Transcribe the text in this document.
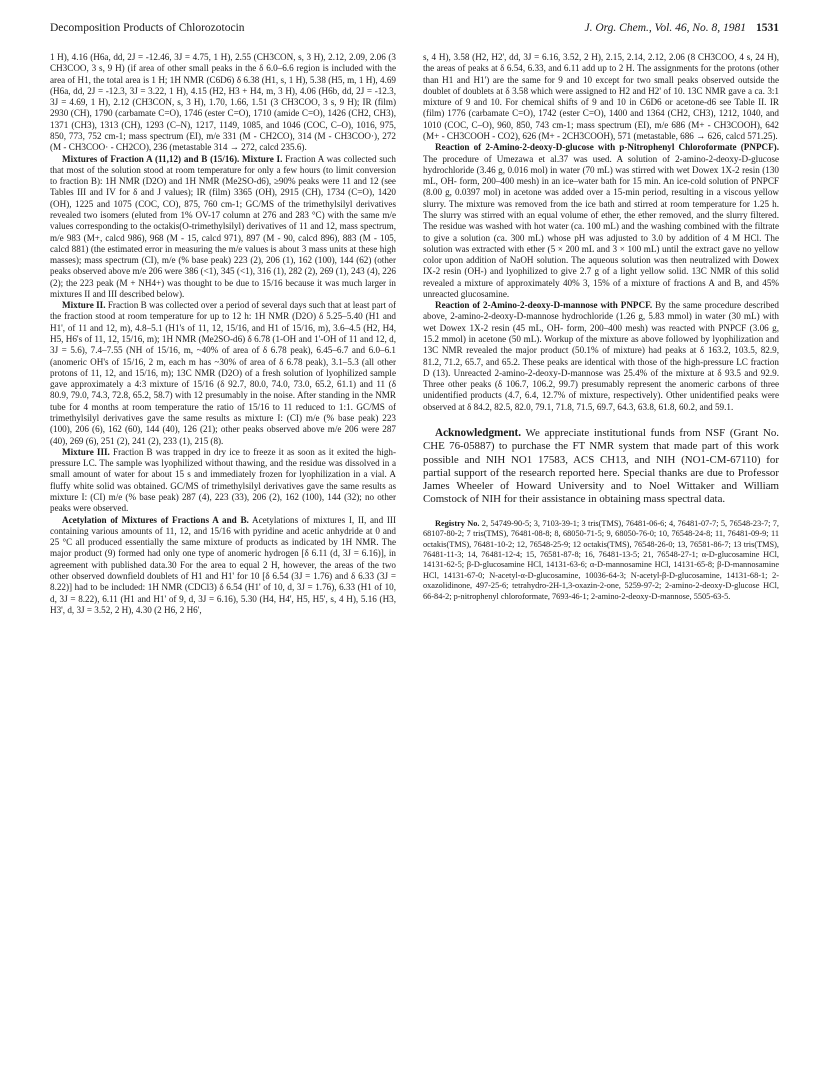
Decomposition Products of Chlorozotocin	J. Org. Chem., Vol. 46, No. 8, 1981 1531

1 H), 4.16 (H6a, dd, 2J = -12.46, 3J = 4.75, 1 H), 2.55 (CH3CON, s, 3 H), 2.12, 2.09, 2.06 (3 CH3COO, 3 s, 9 H) (if area of other small peaks in the δ 6.0–6.6 region is included with the area of H1, the total area is 1 H; 1H NMR (C6D6) δ 6.38 (H1, s, 1 H), 5.38 (H5, m, 1 H), 4.69 (H6a, dd, 2J = -12.3, 3J = 3.22, 1 H), 4.15 (H2, H3 + H4, m, 3 H), 4.06 (H6b, dd, 2J = -12.3, 3J = 4.69, 1 H), 2.12 (CH3CON, s, 3 H), 1.70, 1.66, 1.51 (3 CH3COO, 3 s, 9 H); IR (film) 2930 (CH), 1790 (carbamate C=O), 1746 (ester C=O), 1710 (amide C=O), 1426 (CH2, CH3), 1371 (CH3), 1313 (CH), 1293 (C–N), 1217, 1149, 1085, and 1046 (COC, C–O), 1016, 975, 850, 773, 752 cm-1; mass spectrum (EI), m/e 331 (M - CH2CO), 314 (M - CH3COO·), 272 (M - CH3COO· - CH2CO), 236 (metastable 314 → 272, calcd 235.6).

Mixtures of Fraction A (11,12) and B (15/16). Mixture I. Fraction A was collected such that most of the solution stood at room temperature for only a few hours (to limit conversion to fraction B): 1H NMR (D2O) and 1H NMR (Me2SO-d6), ≥90% peaks were 11 and 12 (see Tables III and IV for δ and J values); IR (film) 3365 (OH), 2915 (CH), 1734 (C=O), 1420 (OH), 1225 and 1075 (COC, CO), 875, 760 cm-1; GC/MS of the trimethylsilyl derivatives revealed two isomers (eluted from 1% OV-17 column at 276 and 283 °C) with the same m/e values corresponding to the octakis(O-trimethylsilyl) derivatives of 11 and 12, mass spectrum, m/e 983 (M+, calcd 986), 968 (M - 15, calcd 971), 897 (M - 90, calcd 896), 883 (M - 105, calcd 881) (the estimated error in measuring the m/e values is about 3 mass units at these high masses); mass spectrum (CI), m/e (% base peak) 223 (2), 206 (1), 162 (100), 144 (62) (other peaks observed above m/e 206 were 386 (<1), 345 (<1), 316 (1), 282 (2), 269 (1), 243 (4), 226 (2); the 223 peak (M + NH4+) was thought to be due to 15/16 because it was much larger in mixtures II and III described below).

Mixture II. Fraction B was collected over a period of several days such that at least part of the fraction stood at room temperature for up to 12 h: 1H NMR (D2O) δ 5.25–5.40 (H1 and H1', of 11 and 12, m), 4.8–5.1 (H1's of 11, 12, 15/16, and H1 of 15/16, m), 3.6–4.5 (H2, H4, H5, H6's of 11, 12, 15/16, m); 1H NMR (Me2SO-d6) δ 6.78 (1-OH and 1'-OH of 11 and 12, d, 3J = 5.6), 7.4–7.55 (NH of 15/16, m, ~40% of area of δ 6.78 peak), 6.45–6.7 and 6.0–6.1 (anomeric OH's of 15/16, 2 m, each m has ~30% of area of δ 6.78 peak), 3.1–5.3 (all other protons of 11, 12, and 15/16, m); 13C NMR (D2O) of a fresh solution of lyophilized sample gave approximately a 4:3 mixture of 15/16 (δ 92.7, 80.0, 74.0, 73.0, 65.2, 61.1) and 11 (δ 80.9, 79.0, 74.3, 72.8, 65.2, 58.7) with 12 presumably in the noise. After standing in the NMR tube for 4 months at room temperature the ratio of 15/16 to 11 reduced to 1:1. GC/MS of trimethylsilyl derivatives gave the same results as mixture I: (CI) m/e (% base peak) 223 (100), 206 (6), 162 (60), 144 (40), 126 (21); other peaks observed above m/e 206 were 287 (40), 269 (6), 251 (2), 241 (2), 233 (1), 215 (8).

Mixture III. Fraction B was trapped in dry ice to freeze it as soon as it exited the high-pressure LC. The sample was lyophilized without thawing, and the residue was dissolved in a small amount of water for about 15 s and immediately frozen for lyophilization in a vial. A fluffy white solid was obtained. GC/MS of trimethylsilyl derivatives gave the same results as mixture I: (CI) m/e (% base peak) 287 (4), 223 (33), 206 (2), 162 (100), 144 (32); no other peaks were observed.

Acetylation of Mixtures of Fractions A and B. Acetylations of mixtures I, II, and III containing various amounts of 11, 12, and 15/16 with pyridine and acetic anhydride at 0 and 25 °C all produced essentially the same mixture of products as indicated by 1H NMR. The major product (9) formed had only one type of anomeric hydrogen [δ 6.11 (d, 3J = 6.16)], in agreement with published data.30 For the area to equal 2 H, however, the areas of the two other observed downfield doublets of H1 and H1' for 10 [δ 6.54 (3J = 1.76) and δ 6.33 (3J = 8.22)] had to be included: 1H NMR (CDCl3) δ 6.54 (H1' of 10, d, 3J = 1.76), 6.33 (H1 of 10, d, 3J = 8.22), 6.11 (H1 and H1' of 9, d, 3J = 6.16), 5.30 (H4, H4', H5, H5', s, 4 H), 5.16 (H3, H3', d, 3J = 3.52, 2 H), 4.30 (2 H6, 2 H6',

s, 4 H), 3.58 (H2, H2', dd, 3J = 6.16, 3.52, 2 H), 2.15, 2.14, 2.12, 2.06 (8 CH3COO, 4 s, 24 H), the areas of peaks at δ 6.54, 6.33, and 6.11 add up to 2 H. The assignments for the protons (other than H1 and H1') are the same for 9 and 10 except for two small peaks observed outside the doublet of doublets at δ 3.58 which were assigned to H2 and H2' of 10. 13C NMR gave a ca. 3:1 mixture of 9 and 10. For chemical shifts of 9 and 10 in C6D6 or acetone-d6 see Table II. IR (film) 1776 (carbamate C=O), 1742 (ester C=O), 1400 and 1364 (CH2, CH3), 1212, 1040, and 1010 (COC, C–O), 960, 850, 743 cm-1; mass spectrum (EI), m/e 686 (M+ - CH3COOH), 642 (M+ - CH3COOH - CO2), 626 (M+ - 2CH3COOH), 571 (metastable, 686 → 626, calcd 571.25).

Reaction of 2-Amino-2-deoxy-D-glucose with p-Nitrophenyl Chloroformate (PNPCF). The procedure of Umezawa et al.37 was used. A solution of 2-amino-2-deoxy-D-glucose hydrochloride (3.46 g, 0.016 mol) in water (70 mL) was stirred with wet Dowex 1X-2 resin (130 mL, OH- form, 200–400 mesh) in an ice–water bath for 15 min. An ice-cold solution of PNPCF (8.00 g, 0.0397 mol) in acetone was added over a 15-min period, resulting in a viscous yellow slurry. The mixture was removed from the ice bath and stirred at room temperature for 1.25 h. The slurry was stirred with an equal volume of ether, the ether removed, and the slurry filtered. The residue was washed with hot water (ca. 100 mL) and the washing combined with the filtrate to give a solution (ca. 300 mL) whose pH was adjusted to 3.0 by addition of 4 M HCl. The solution was extracted with ether (5 × 200 mL and 3 × 100 mL) until the extract gave no yellow color upon addition of NaOH solution. The aqueous solution was then neutralized with Dowex IX-2 resin (OH-) and lyophilized to give 2.7 g of a light yellow solid. 13C NMR of this solid revealed a mixture of approximately 40% 3, 15% of a mixture of fractions A and B, and 45% unreacted glucosamine.

Reaction of 2-Amino-2-deoxy-D-mannose with PNPCF. By the same procedure described above, 2-amino-2-deoxy-D-mannose hydrochloride (1.26 g, 5.83 mmol) in water (30 mL) with wet Dowex 1X-2 resin (45 mL, OH- form, 200–400 mesh) was reacted with PNPCF (3.06 g, 15.2 mmol) in acetone (50 mL). Workup of the mixture as above followed by lyophilization and 13C NMR revealed the major product (50.1% of mixture) had peaks at δ 163.2, 103.5, 82.9, 81.2, 71.2, 65.7, and 65.2. These peaks are identical with those of the high-pressure LC fraction D (13). Unreacted 2-amino-2-deoxy-D-mannose was 25.4% of the mixture at δ 93.5 and 92.9. Three other peaks (δ 106.7, 106.2, 99.7) presumably represent the anomeric carbons of three unidentified products (4.7, 6.4, 12.7% of mixture, respectively). Other unidentified peaks were observed at δ 84.2, 82.5, 82.0, 79.1, 71.8, 71.5, 69.7, 64.3, 63.8, 61.8, 60.2, and 59.1.

Acknowledgment. We appreciate institutional funds from NSF (Grant No. CHE 76-05887) to purchase the FT NMR system that made part of this work possible and NIH NO1 17583, ACS CH13, and NIH (NO1-CM-67110) for partial support of the research reported here. Special thanks are due to Professor James Wheeler of Howard University and to Noel Wittaker and William Comstock of NIH for their assistance in obtaining mass spectral data.

Registry No. 2, 54749-90-5; 3, 7103-39-1; 3 tris(TMS), 76481-06-6; 4, 76481-07-7; 5, 76548-23-7; 7, 68107-80-2; 7 tris(TMS), 76481-08-8; 8, 68050-71-5; 9, 68050-76-0; 10, 76548-24-8; 11, 76481-09-9; 11 octakis(TMS), 76481-10-2; 12, 76548-25-9; 12 octakis(TMS), 76548-26-0; 13, 76581-86-7; 13 tris(TMS), 76481-11-3; 14, 76481-12-4; 15, 76581-87-8; 16, 76481-13-5; 21, 76548-27-1; α-D-glucosamine HCl, 14131-62-5; β-D-glucosamine HCl, 14131-63-6; α-D-mannosamine HCl, 14131-65-8; β-D-mannosamine HCl, 14131-67-0; N-acetyl-α-D-glucosamine, 10036-64-3; N-acetyl-β-D-glucosamine, 14131-68-1; 2-oxazolidinone, 497-25-6; tetrahydro-2H-1,3-oxazin-2-one, 5259-97-2; 2-amino-2-deoxy-D-glucose HCl, 66-84-2; p-nitrophenyl chloroformate, 7693-46-1; 2-amino-2-deoxy-D-mannose, 5505-63-5.
